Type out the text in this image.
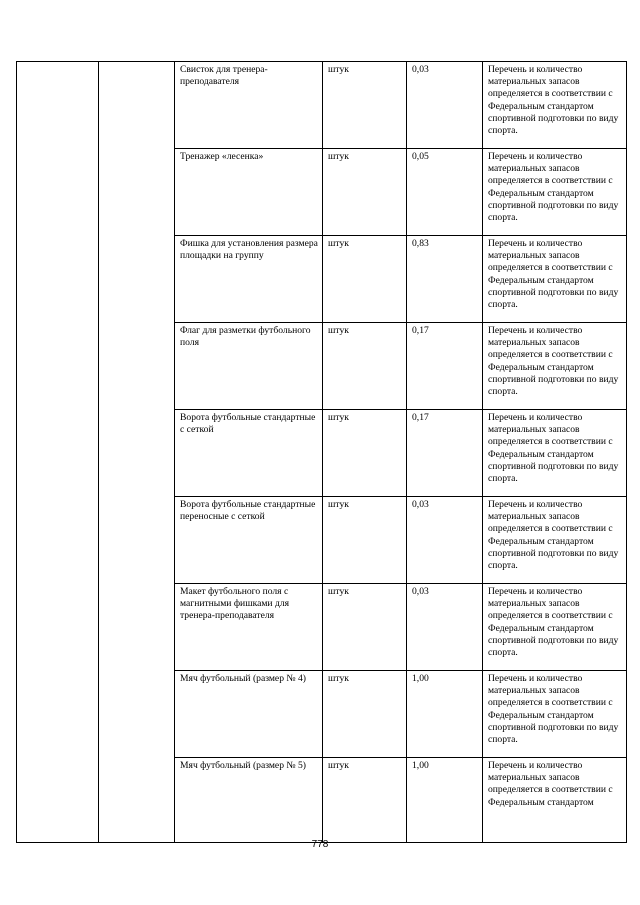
		Свисток для тренера-преподавателя	штук	0,03	Перечень и количество материальных запасов определяется в соответствии с Федеральным стандартом спортивной подготовки по виду спорта.
		Тренажер «лесенка»	штук	0,05	Перечень и количество материальных запасов определяется в соответствии с Федеральным стандартом спортивной подготовки по виду спорта.
		Фишка для установления размера площадки на группу	штук	0,83	Перечень и количество материальных запасов определяется в соответствии с Федеральным стандартом спортивной подготовки по виду спорта.
		Флаг для разметки футбольного поля	штук	0,17	Перечень и количество материальных запасов определяется в соответствии с Федеральным стандартом спортивной подготовки по виду спорта.
		Ворота футбольные стандартные с сеткой	штук	0,17	Перечень и количество материальных запасов определяется в соответствии с Федеральным стандартом спортивной подготовки по виду спорта.
		Ворота футбольные стандартные переносные с сеткой	штук	0,03	Перечень и количество материальных запасов определяется в соответствии с Федеральным стандартом спортивной подготовки по виду спорта.
		Макет футбольного поля с магнитными фишками для тренера-преподавателя	штук	0,03	Перечень и количество материальных запасов определяется в соответствии с Федеральным стандартом спортивной подготовки по виду спорта.
		Мяч футбольный (размер № 4)	штук	1,00	Перечень и количество материальных запасов определяется в соответствии с Федеральным стандартом спортивной подготовки по виду спорта.
		Мяч футбольный (размер № 5)	штук	1,00	Перечень и количество материальных запасов определяется в соответствии с Федеральным стандартом
778
